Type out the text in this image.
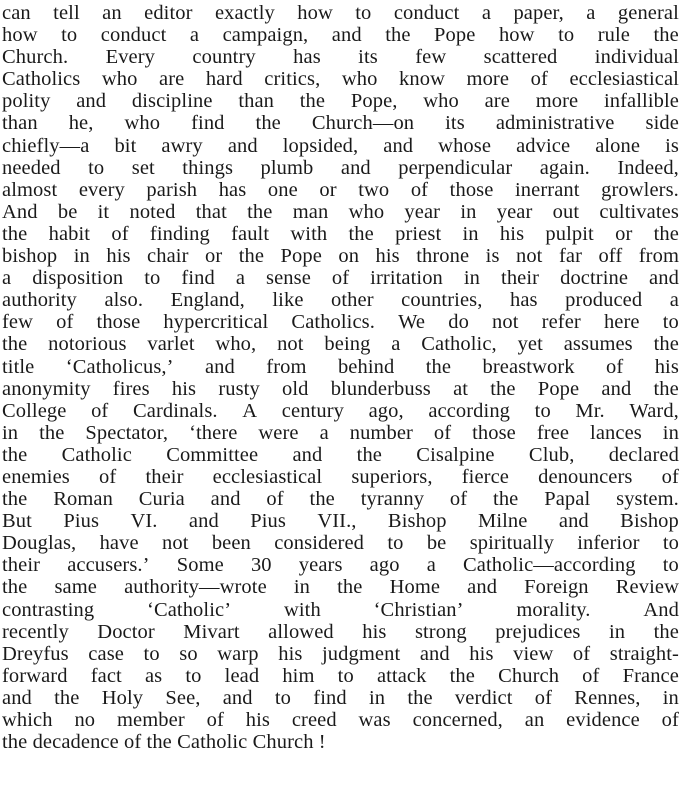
can tell an editor exactly how to conduct a paper, a general
how to conduct a campaign, and the Pope how to rule the
Church. Every country has its few scattered individual
Catholics who are hard critics, who know more of ecclesiastical
polity and discipline than the Pope, who are more infallible
than he, who find the Church—on its administrative side
chiefly—a bit awry and lopsided, and whose advice alone is
needed to set things plumb and perpendicular again. Indeed,
almost every parish has one or two of those inerrant growlers.
And be it noted that the man who year in year out cultivates
the habit of finding fault with the priest in his pulpit or the
bishop in his chair or the Pope on his throne is not far off from
a disposition to find a sense of irritation in their doctrine and
authority also. England, like other countries, has produced a
few of those hypercritical Catholics. We do not refer here to
the notorious varlet who, not being a Catholic, yet assumes the
title ‘Catholicus,’ and from behind the breastwork of his
anonymity fires his rusty old blunderbuss at the Pope and the
College of Cardinals. A century ago, according to Mr. Ward,
in the Spectator, ‘there were a number of those free lances in
the Catholic Committee and the Cisalpine Club, declared
enemies of their ecclesiastical superiors, fierce denouncers of
the Roman Curia and of the tyranny of the Papal system.
But Pius VI. and Pius VII., Bishop Milne and Bishop
Douglas, have not been considered to be spiritually inferior to
their accusers.’ Some 30 years ago a Catholic—according to
the same authority—wrote in the Home and Foreign Review
contrasting	‘Catholic’	with	‘Christian’	morality.	And
recently Doctor Mivart allowed his strong prejudices in the
Dreyfus case to so warp his judgment and his view of straight-
forward fact as to lead him to attack the Church of France
and the Holy See, and to find in the verdict of Rennes, in
which no member of his creed was concerned, an evidence of
the decadence of the Catholic Church !
